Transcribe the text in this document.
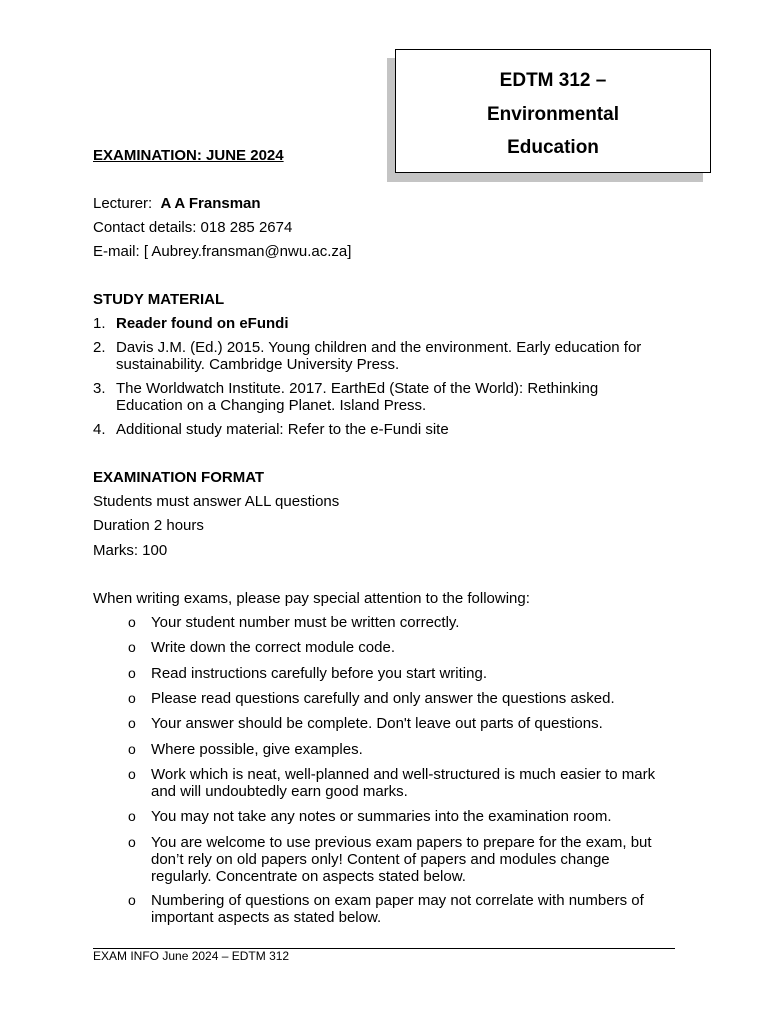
EDTM 312 –
Environmental
Education
EXAMINATION: JUNE 2024
Lecturer: A A Fransman
Contact details: 018 285 2674
E-mail: [ Aubrey.fransman@nwu.ac.za]
STUDY MATERIAL
1. Reader found on eFundi
2. Davis J.M. (Ed.) 2015. Young children and the environment. Early education for
sustainability. Cambridge University Press.
3. The Worldwatch Institute. 2017. EarthEd (State of the World): Rethinking
Education on a Changing Planet. Island Press.
4. Additional study material: Refer to the e-Fundi site
EXAMINATION FORMAT
Students must answer ALL questions
Duration 2 hours
Marks: 100
When writing exams, please pay special attention to the following:
o Your student number must be written correctly.
o Write down the correct module code.
o Read instructions carefully before you start writing.
o Please read questions carefully and only answer the questions asked.
o Your answer should be complete. Don't leave out parts of questions.
o Where possible, give examples.
o Work which is neat, well-planned and well-structured is much easier to mark
and will undoubtedly earn good marks.
o You may not take any notes or summaries into the examination room.
o You are welcome to use previous exam papers to prepare for the exam, but
don’t rely on old papers only! Content of papers and modules change
regularly. Concentrate on aspects stated below.
o Numbering of questions on exam paper may not correlate with numbers of
important aspects as stated below.
EXAM INFO June 2024 – EDTM 312
